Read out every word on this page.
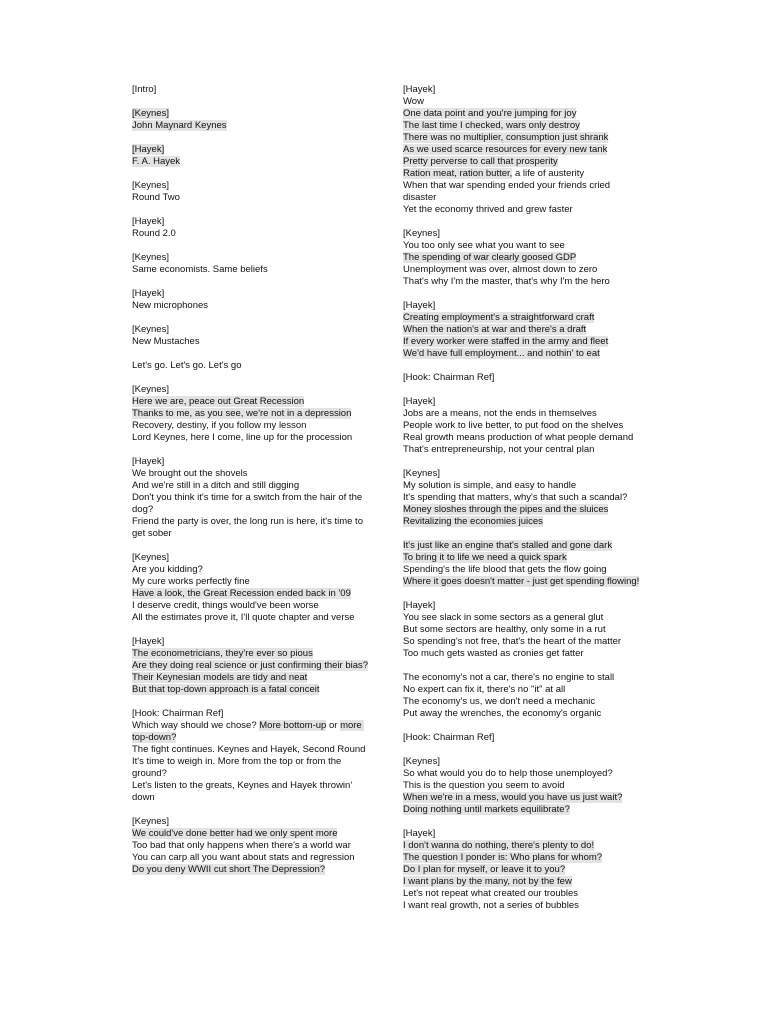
[Intro]
[Keynes]
John Maynard Keynes
[Hayek]
F. A. Hayek
[Keynes]
Round Two
[Hayek]
Round 2.0
[Keynes]
Same economists. Same beliefs
[Hayek]
New microphones
[Keynes]
New Mustaches
Let's go. Let's go. Let's go
[Keynes]
Here we are, peace out Great Recession
Thanks to me, as you see, we're not in a depression
Recovery, destiny, if you follow my lesson
Lord Keynes, here I come, line up for the procession
[Hayek]
We brought out the shovels
And we're still in a ditch and still digging
Don't you think it's time for a switch from the hair of the dog?
Friend the party is over, the long run is here, it's time to get sober
[Keynes]
Are you kidding?
My cure works perfectly fine
Have a look, the Great Recession ended back in '09
I deserve credit, things would've been worse
All the estimates prove it, I'll quote chapter and verse
[Hayek]
The econometricians, they're ever so pious
Are they doing real science or just confirming their bias?
Their Keynesian models are tidy and neat
But that top-down approach is a fatal conceit
[Hook: Chairman Ref]
Which way should we chose? More bottom-up or more top-down?
The fight continues. Keynes and Hayek, Second Round
It's time to weigh in. More from the top or from the ground?
Let's listen to the greats, Keynes and Hayek throwin' down
[Keynes]
We could've done better had we only spent more
Too bad that only happens when there's a world war
You can carp all you want about stats and regression
Do you deny WWII cut short The Depression?
[Hayek]
Wow
One data point and you're jumping for joy
The last time I checked, wars only destroy
There was no multiplier, consumption just shrank
As we used scarce resources for every new tank
Pretty perverse to call that prosperity
Ration meat, ration butter, a life of austerity
When that war spending ended your friends cried disaster
Yet the economy thrived and grew faster
[Keynes]
You too only see what you want to see
The spending of war clearly goosed GDP
Unemployment was over, almost down to zero
That's why I'm the master, that's why I'm the hero
[Hayek]
Creating employment's a straightforward craft
When the nation's at war and there's a draft
If every worker were staffed in the army and fleet
We'd have full employment... and nothin' to eat
[Hook: Chairman Ref]
[Hayek]
Jobs are a means, not the ends in themselves
People work to live better, to put food on the shelves
Real growth means production of what people demand
That's entrepreneurship, not your central plan
[Keynes]
My solution is simple, and easy to handle
It's spending that matters, why's that such a scandal?
Money sloshes through the pipes and the sluices
Revitalizing the economies juices
It's just like an engine that's stalled and gone dark
To bring it to life we need a quick spark
Spending's the life blood that gets the flow going
Where it goes doesn't matter - just get spending flowing!
[Hayek]
You see slack in some sectors as a general glut
But some sectors are healthy, only some in a rut
So spending's not free, that's the heart of the matter
Too much gets wasted as cronies get fatter
The economy's not a car, there's no engine to stall
No expert can fix it, there's no "it" at all
The economy's us, we don't need a mechanic
Put away the wrenches, the economy's organic
[Hook: Chairman Ref]
[Keynes]
So what would you do to help those unemployed?
This is the question you seem to avoid
When we're in a mess, would you have us just wait?
Doing nothing until markets equilibrate?
[Hayek]
I don't wanna do nothing, there's plenty to do!
The question I ponder is: Who plans for whom?
Do I plan for myself, or leave it to you?
I want plans by the many, not by the few
Let's not repeat what created our troubles
I want real growth, not a series of bubbles
